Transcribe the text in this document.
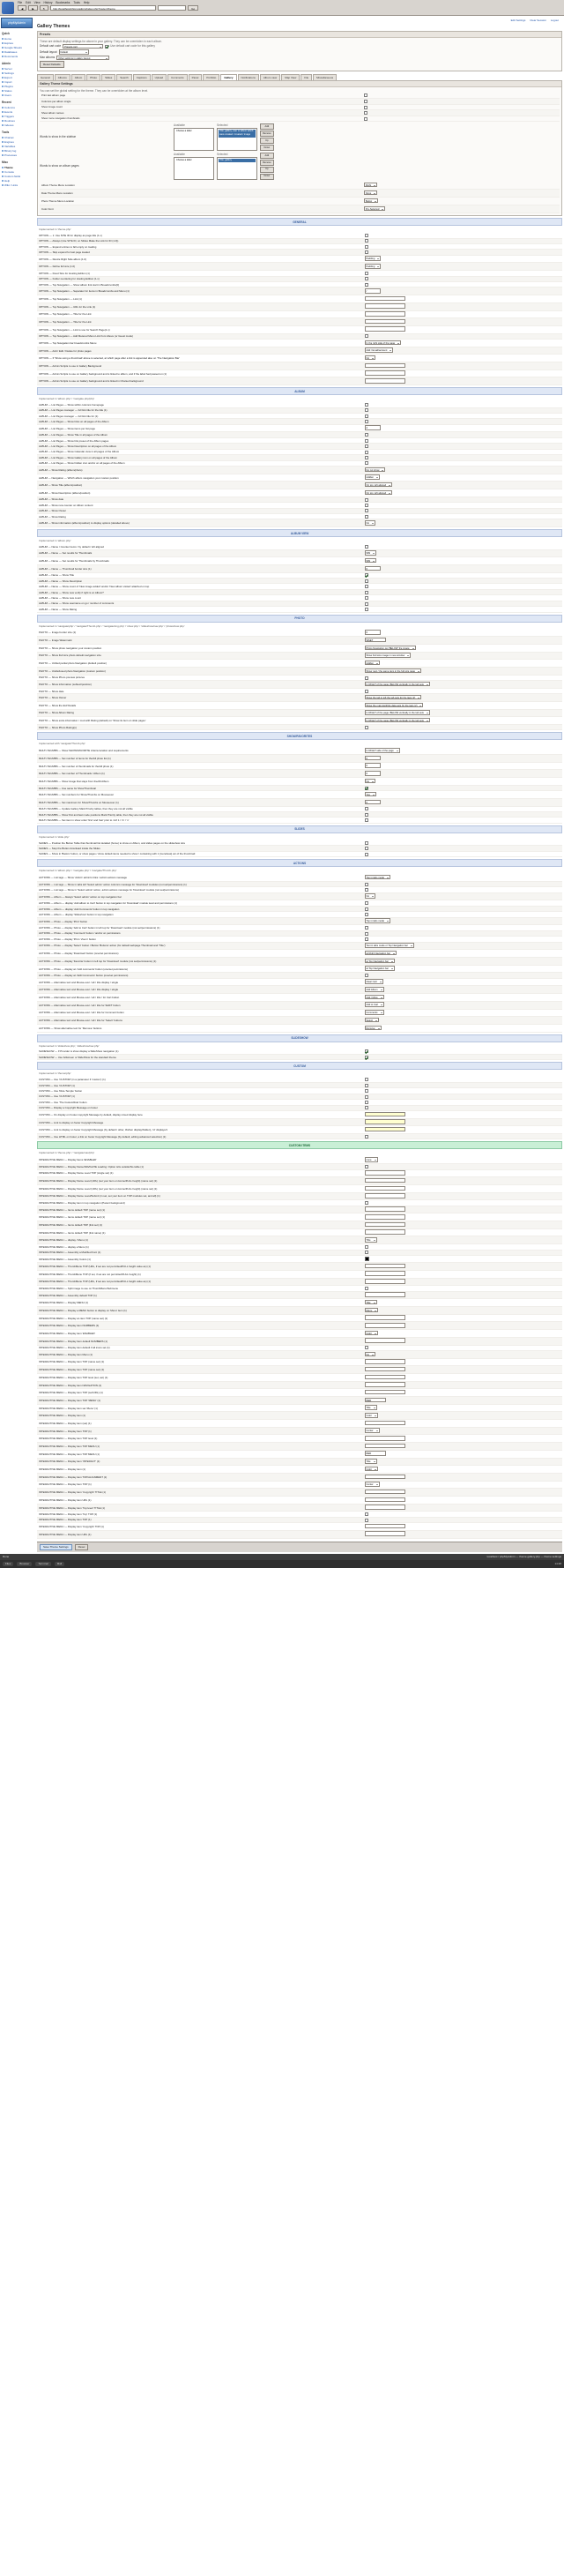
File Edit View History Bookmarks Tools Help
◀	▶	↻	http://localhost/phpmyadmin/index.php?route=/theme	Go
phpMyAdmin
Quick
Home
Explore
Google Sheets
Databases
Documents
Admin
Server
Settings
Export
Import
Plugins
Status
Users
Recent
Columns
Events
Triggers
Routines
Indexes
Tools
Charset
Engines
Variables
Binary log
Processes
Misc
Theme
Console
Custom fields
Help
Wiki / Links
Edit Settings Clear Session Logout
Gallery Themes
Presets
These are default display settings for above in your gallery. They can be overridden in each album.
Default cart code	Presets-cart	Use default cart code for this gallery
Default layout	Default
Max albums	Other settings in gallery layout
Reset Defaults
General	Albums	Album	Photo	Slides	Search	Captions	Upload	Comments	Panel	Portfolio	Gallery	Notifications	Album view	Map View	File	Miscellaneous
Gallery Theme Settings
You can set the global setting for the theme. They can be overridden at the album level.
Print last album page	
Columns per album single	
Show image count	
Show album names	
Show more navigation thumbnails	
Words to show in the sidebar
Available
Choose a label
Selected
Title, gallery, user or album which were created / created / image
Add
Remove
Up
Down
Words to show on album pages
Available
Choose a label
Selected
Title, gallery
Add
Remove
Up
Down
Album Theme Menu Location	Right
Date Theme Menu Location	None
Photo Theme Menu Location	Below
Color Font	Pre-Selected
GENERAL
Implemented in 'theme.php'
OPTION — 1: Use SITE ID for display as page title (1.x)	
OPTION — Always (Use SITE ID, on Slides Make the Link for ID (1.0))	
OPTION — Expand entries to fall empty on loading	
OPTION — Skip expand for last page loaded	
OPTION — Resize Right Side album (1.0)	Padding
OPTION — Define full size (1.0)	Padding
OPTION — Fixed Size for Hosting Edition (1)	
OPTION — Folder reordering for Hosting Edition (1.x)	
OPTION — Top Navigation — Show album link start in Breadcrumbs(0)	
OPTION — Top Navigation — Separator for items in Breadcrumbs and Menu (1)	/
OPTION — Top Navigation — Link (1)	
OPTION — Top Navigation — URL for the Link (1)	
OPTION — Top Navigation — Title for the Link	
OPTION — Top Navigation — Title for the Link	
OPTION — Top Navigation — Link to use for Search Page(1.x)	
OPTION — Top Navigation — Add Metered Menu Link from Above (or Guest mode)	
OPTION — Top Navigation bar breadcrumbs Menu	In the right side of the page
OPTION — Add / Edit / Delete for photo pages	Add / Email/account
OPTION — If 'Show using a thumbnail' above is selected, at which page after a link is appended also on 'The Navigation Bar'	No
OPTION — Admin Scripts to use in Gallery Background	
OPTION — Admin Scripts to use on Gallery background and is linked to album, and if the label had passed on (1)	
OPTION — Admin Scripts to use on Gallery background and is linked in Charset background	
ALBUM
Implemented in 'album.php' / 'navigate.php/php'
ALBUM — List Pages — Show within columns homepage	
ALBUM — List Pages manager — full link title for the title (1)	
ALBUM — List Pages manager — full link title for (1)	
ALBUM — List Pages — Show links on all pages of the Album	
ALBUM — List Pages — Show items per list page	2
ALBUM — List Pages — Show Title in all pages of the Album	
ALBUM — List Pages — Show link preset of the Album pages	
ALBUM — List Pages — Show Description on all pages of the Album	
ALBUM — List Pages — Show Calendar view in all pages of the Album	
ALBUM — List Pages — Show Gallery icon on all pages of the Album	
ALBUM — List Pages — Show hidden icon and/or on all pages of the Album	
ALBUM — Show Rating (album/photo)	Do not show
ALBUM — Navigation — Which album navigation your custom position	Hidden
ALBUM — Show Title (album/position)	On top, left aligned
ALBUM — Show Description (album/position)	On top, left aligned
ALBUM — Show date	
ALBUM — Show new counter on Album content	
ALBUM — Show Owner	
ALBUM — Show Rating	
ALBUM — Show information (album/position) to display options (detailed above)	No
ALBUM VIEW
Implemented in 'album.php'
ALBUM — Name / Counter items / by default / left aligned	
ALBUM — Name — Set results for Thumbnails	999
ALBUM — Name — Set results for Thumbnails by Thumbnails	999
ALBUM — Name — Thumbnail border size (1)	0
ALBUM — Name — Show Title	
ALBUM — Name — Show Description	
ALBUM — Name — Show count of 'New image added' and/or 'New album visited' attached on top	
ALBUM — Name — Show new verify if right is on Album?	
ALBUM — Name — Show new count	
ALBUM — Name — Show username on go / number of comments	
ALBUM — Name — Show Rating	
PHOTO
Implemented in 'navigate/php' / 'navigate/Thumb.php' / 'navigate/img.php' / 'show.php' / 'slideshow/nav.php' / 'photoshow.php'
PHOTO — Image border size (1)	0
PHOTO — Image Watermark	WSET
PHOTO — Show photo navigation your custom position	Photo Navigation get 'BELOW' the image
PHOTO — Show Full size photo default navigation size	Show Full size image in new window
PHOTO — Unified partial photo Navigation (default position)	Hidden
PHOTO — Undisclosed photo Navigation (custom position)	Show next / the same item in the full size page
PHOTO — Show Photo preview pictures	
PHOTO — Show information (subtext/position)	In RIGHT of the page. BELOW vertically in the tab sets
PHOTO — Show date	
PHOTO — Show Owner	Show the tab in left the tab sets for the tags (2)
PHOTO — Show the Exif Details	Show the main Exif/info data sets for the tags (2)
PHOTO — Show Album Rating	In RIGHT of the page. BELOW vertically in the tab sets
PHOTO — Show extra information / mod with Rating (default) on 'Show its item on slide pages'	In RIGHT of the page. BELOW vertically in the tab sets
PHOTO — Show Photo Rating(s)	
SHOW/FAVORITES
Implemented with 'navigate/Thumb.php'
MULTI-THUMBS — Show SHOW/FAVORITE criteria location and requirements	In RIGHT side of the page
MULTI-THUMBS — Set number of items for the/All photo list (1)	0
MULTI-THUMBS — Set number of thumbnails for the/All photo (1)	0
MULTI-THUMBS — Set number of Thumbnails / Album (1)	0
MULTI-THUMBS — Show image that stays from the/All Album	No
MULTI-THUMBS — Use same for ShowThumbnail	
MULTI-THUMBS — Set numbers for Show/Thumbs on Mouseover	Yes
MULTI-THUMBS — Set maximum for Show/Thumbs on Mouseover (1)	0
MULTI-THUMBS — Update Gallery Mark Priority tables, then they are not all visible	
MULTI-THUMBS — Show first and last mode positions Mark Priority table, then they are not all visible	
MULTI-THUMBS — Set item in show order 'first' and 'last' prior to 'old' 1 / 'in' / 'n'	
SLIDES
Implemented in 'slide.php'
SLIDES — Position the Button Table that thumbnail list detailed (home) to show on Album, and slides pages on the slideshow size	
SLIDES — Stop the Button download inside the Slides	
SLIDES — Show in 'Basics' button, or show pages / show default items needed to show / containing with 1 [more/less] etc of the thumbnail	
ACTIONS
Implemented in 'album.php' / 'navigate.php' / 'navigate/Thumb.php'
ACTIONS — List tags — Show 'Admin' admin's links / admin actions message	Top in tabs mode
ACTIONS — List tags — Show in tabs left 'Select admin' action columns message for 'Download' modules (not set/permissions) (1)	
ACTIONS — List tags — Show in 'Select admin' action, admin actions message for 'Download' module (not set/permissions)	
ACTIONS — Album — Always 'Select admin' action on top navigation bar	No
ACTIONS — Album — display 'Add album to Cart' button in top navigation for 'Download' module level and permissions (1)	
ACTIONS — Album — display 'Add Comments' button in top navigation	
ACTIONS — Album — display 'Slideshow' button in top navigation	
ACTIONS — Photo — display 'Print' button	Top in tabs mode
ACTIONS — Photo — display 'Add to Cart' button in left top for 'Download' module (not set/permissions) (1)	
ACTIONS — Photo — display 'Comment' button / and/or on permissions	
ACTIONS — Photo — display 'Print / Zoom' button	
ACTIONS — Photo — display 'Select' button / Button 'Buttons' action (for default webpage Thumbnail and 'Title')	Text in tabs mode or Top Navigation bar
ACTIONS — Photo — display 'Download' button (one/set permissions)	at Right Navigation bar
ACTIONS — Photo — display 'Favorite' button in left top for 'Download' module (not set/permissions) (1)	at Top Navigation bar
ACTIONS — Photo — display an 'Add comments' button (one/set permissions)	at Top Navigation bar
ACTIONS — Photo — display an 'Edit Comments' button (one/set permissions)	
ACTIONS — Alternative text and Mouse-over / alt / title display / single	Clear Cart
ACTIONS — Alternative text and Mouse-over / alt / title display / single	Add Album
ACTIONS — Alternative text and Mouse-over / alt / title / for Cart button	Add / More
ACTIONS — Alternative text and Mouse-over / alt / title for SHIFT button	Add to Cart
ACTIONS — Alternative text and Mouse-over / alt / title for Comment button	Comments
ACTIONS — Alternative text and Mouse-over / alt / title for 'Select' buttons	Select
ACTIONS — Show alternative text for 'Remove' buttons	Remove
SLIDESHOW
Implemented in 'slideshow.php', 'slideshow/nav.php'
SLIDESHOW — If Provider is show display a SlideShow navigation (1)	
SLIDESHOW — Use fullscreen or SlideShow for the standard theme	
CUSTOM
Implemented in 'theme/php'
CUSTOM — Use 'CUSTOM' (in a parameter if 'custom') (1)	
CUSTOM — Use 'CUSTOM' (1)	
CUSTOM — Use 'Rule-Temple' button	
CUSTOM — Use 'CUSTOM' (1)	
CUSTOM — Use 'The CustomRule' button	
CUSTOM — Display a Copyright Message on footer	
CUSTOM — On display on Footer copyright Message by default, display mixed display here	
CUSTOM — Link to display on footer Copyright Message	
CUSTOM — Link to display on footer Copyright Message (by default / other, if/when display/hidden), 'id' displays/1	
CUSTOM — Use HTML on footer, a link on footer Copyright Message (by default, editing advanced selection) (1)	
CUSTOM ITEMS
Implemented in 'theme.php' / 'navigate/nav/php'
INTERACTIVE MENU — Display Items 'ENABLED'	none
INTERACTIVE MENU — Display Name/NAVIGATE Loading: Option is/is outside/No table (1)	
INTERACTIVE MENU — Display Name Level TOP (single set) (1)	
INTERACTIVE MENU — Display Name Level (URL) (set your item on Home/FULL height) (name set) (1)	
INTERACTIVE MENU — Display Name Level (URL) (set your item on Home/FULL height) (name set) (1)	
INTERACTIVE MENU — Display Name Level/Submit (in set, set your item on TOP modules set, and all) (1)	
INTERACTIVE MENU — Display item in top navigation (Parent background)	
INTERACTIVE MENU — Items default TOP (name set) (1)	
INTERACTIVE MENU — Items default TOP (name set) (1)	
INTERACTIVE MENU — Items default TOP (link set) (1)	
INTERACTIVE MENU — Items default TOP (link name) (1)	
INTERACTIVE MENU — display / Menu (1)	Title
INTERACTIVE MENU — display a Menu (1)	
INTERACTIVE MENU — Assembly a Modified Font (1)	
INTERACTIVE MENU — Assembly Colors (1)	

INTERACTIVE MENU — ThumbMenu TOP (URL, if set are not permitted/FULL height value as) (1)	
INTERACTIVE MENU — ThumbMenu TOP (if set, if set are not permitted/FULL height) (1)	
INTERACTIVE MENU — ThumbMenu TOP (URL, if set are not permitted/FULL height value as) (1)	
INTERACTIVE MENU — Split image to use on ThumbMenu/Submenu	
INTERACTIVE MENU — Assembly default TOP (1)	
INTERACTIVE MENU — Display MENU (1)	Title
INTERACTIVE MENU — Display a MENU button to display on 'Menu' item (1)	Menu
INTERACTIVE MENU — Display an item TOP (name set) (1)	
INTERACTIVE MENU — Display item NUMBERS (1)	
INTERACTIVE MENU — Display item 'ENABLED'	Color
INTERACTIVE MENU — Display Item default NUMBERS (1)	
INTERACTIVE MENU — Display item default if all icons set (1)	
INTERACTIVE MENU — Display item Menu (1)	No
INTERACTIVE MENU — Display item TOP (name set) (1)	
INTERACTIVE MENU — Display item TOP (name set) (1)	
INTERACTIVE MENU — Display item TOP level (set, set) (1)	
INTERACTIVE MENU — Display item NAVIGATION (1)	
INTERACTIVE MENU — Display item TOP (set/URL) (1)	
INTERACTIVE MENU — Display item TOP 'MENU' (1)	RED
INTERACTIVE MENU — Display item set 'Menu' (1)	Title
INTERACTIVE MENU — Display item (1)	Color
INTERACTIVE MENU — Display item (set) (1)	
INTERACTIVE MENU — Display Item TOP (1)	Center
INTERACTIVE MENU — Display item TOP level (1)	
INTERACTIVE MENU — Display item TOP MENU (1)	
INTERACTIVE MENU — Display item TOP MENU (1)	RED
INTERACTIVE MENU — Display item 'INTERACT' (1)	Title
INTERACTIVE MENU — Display item (1)	Color
INTERACTIVE MENU — Display item TOP/ALIGNMENT (1)	
INTERACTIVE MENU — Display Item TOP (1)	Center
INTERACTIVE MENU — Display item 'Copyright' TITLE (1)	
INTERACTIVE MENU — Display item URL (1)	
INTERACTIVE MENU — Display item 'Top level' TITLE (1)	
INTERACTIVE MENU — Display item 'Top' TOP (1)	
INTERACTIVE MENU — Display item TOP (1)	
INTERACTIVE MENU — Display item 'Copyright' TOP (1)	
INTERACTIVE MENU — Display item URL (1)	
Save Theme Settings	Reset
Done	localhost / phpMyAdmin — theme.gallery.php — theme settings
Files	Browser	Terminal	Mail	14:28
